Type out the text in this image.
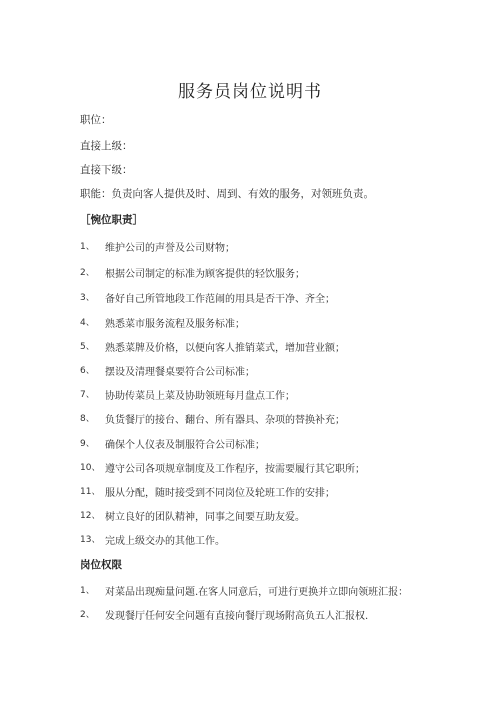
服务员岗位说明书
职位：
直接上级：
直接下级：
职能：负责向客人提供及时、周到、有效的服务，对领班负责。
［惋位职责］
1、 维护公司的声誉及公司财物；
2、 根据公司制定的标准为顾客提供的轻饮服务；
3、 备好自己所管地段工作范闹的用具是否干净、齐全；
4、 熟悉菜市服务流程及服务标准；
5、 熟悉菜牌及价格，以便向客人推销菜式，增加营业额；
6、 摆设及清理餐桌要符合公司标准；
7、 协助传菜员上菜及协助领班每月盘点工作；
8、 负货餐厅的接台、翻台、所有器具、杂项的替换补充；
9、 确保个人仪表及制服符合公司标准；
10、 遵守公司各项规章制度及工作程序，按需要履行其它职所；
11、 服从分配，随时接受到不同岗位及轮班工作的安排；
12、 树立良好的团队精神，同事之间要互助友爱。
13、 完成上级交办的其他工作。
岗位权限
1、 对菜品出现痴量问题.在客人同意后，可进行更换并立即向领班汇报：
2、 发现餐厅任何安全问题有直接向餐厅现场附高负五人汇报权.
